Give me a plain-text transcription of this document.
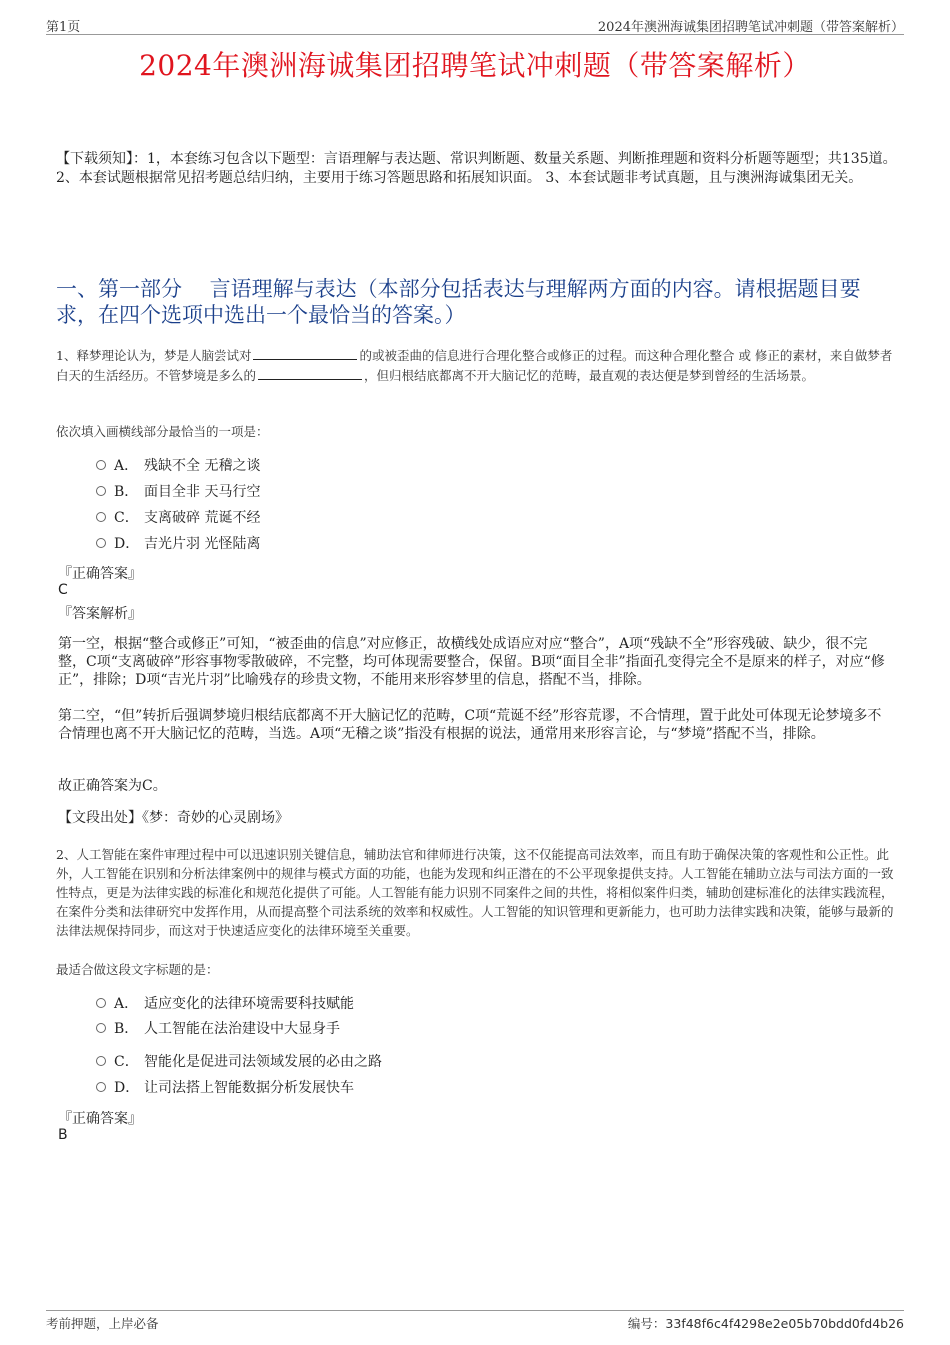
第1页	2024年澳洲海诚集团招聘笔试冲刺题（带答案解析）
2024年澳洲海诚集团招聘笔试冲刺题（带答案解析）
【下载须知】：1，本套练习包含以下题型：言语理解与表达题、常识判断题、数量关系题、判断推理题和资料分析题等题型；共135道。 2、本套试题根据常见招考题总结归纳，主要用于练习答题思路和拓展知识面。 3、本套试题非考试真题，且与澳洲海诚集团无关。
一、第一部分　 言语理解与表达（本部分包括表达与理解两方面的内容。请根据题目要求，在四个选项中选出一个最恰当的答案。）
1、释梦理论认为，梦是人脑尝试对	的或被歪曲的信息进行合理化整合或修正的过程。而这种合理化整合 或 修正的素材，来自做梦者白天的生活经历。不管梦境是多么的	，但归根结底都离不开大脑记忆的范畴，最直观的表达便是梦到曾经的生活场景。
依次填入画横线部分最恰当的一项是：
A． 残缺不全 无稽之谈
B． 面目全非 天马行空
C． 支离破碎 荒诞不经
D． 吉光片羽 光怪陆离
『正确答案』
C
『答案解析』
第一空，根据“整合或修正”可知，“被歪曲的信息”对应修正，故横线处成语应对应“整合”，A项“残缺不全”形容残破、缺少，很不完整，C项“支离破碎”形容事物零散破碎，不完整，均可体现需要整合，保留。B项“面目全非”指面孔变得完全不是原来的样子，对应“修正”，排除；D项“吉光片羽”比喻残存的珍贵文物，不能用来形容梦里的信息，搭配不当，排除。
第二空，“但”转折后强调梦境归根结底都离不开大脑记忆的范畴，C项“荒诞不经”形容荒谬，不合情理，置于此处可体现无论梦境多不合情理也离不开大脑记忆的范畴，当选。A项“无稽之谈”指没有根据的说法，通常用来形容言论，与“梦境”搭配不当，排除。
故正确答案为C。
【文段出处】《梦：奇妙的心灵剧场》
2、人工智能在案件审理过程中可以迅速识别关键信息，辅助法官和律师进行决策，这不仅能提高司法效率，而且有助于确保决策的客观性和公正性。此外，人工智能在识别和分析法律案例中的规律与模式方面的功能，也能为发现和纠正潜在的不公平现象提供支持。人工智能在辅助立法与司法方面的一致性特点，更是为法律实践的标准化和规范化提供了可能。人工智能有能力识别不同案件之间的共性，将相似案件归类，辅助创建标准化的法律实践流程，在案件分类和法律研究中发挥作用，从而提高整个司法系统的效率和权威性。人工智能的知识管理和更新能力，也可助力法律实践和决策，能够与最新的法律法规保持同步，而这对于快速适应变化的法律环境至关重要。
最适合做这段文字标题的是：
A． 适应变化的法律环境需要科技赋能
B． 人工智能在法治建设中大显身手
C． 智能化是促进司法领域发展的必由之路
D． 让司法搭上智能数据分析发展快车
『正确答案』
B
考前押题，上岸必备	编号：33f48f6c4f4298e2e05b70bdd0fd4b26
